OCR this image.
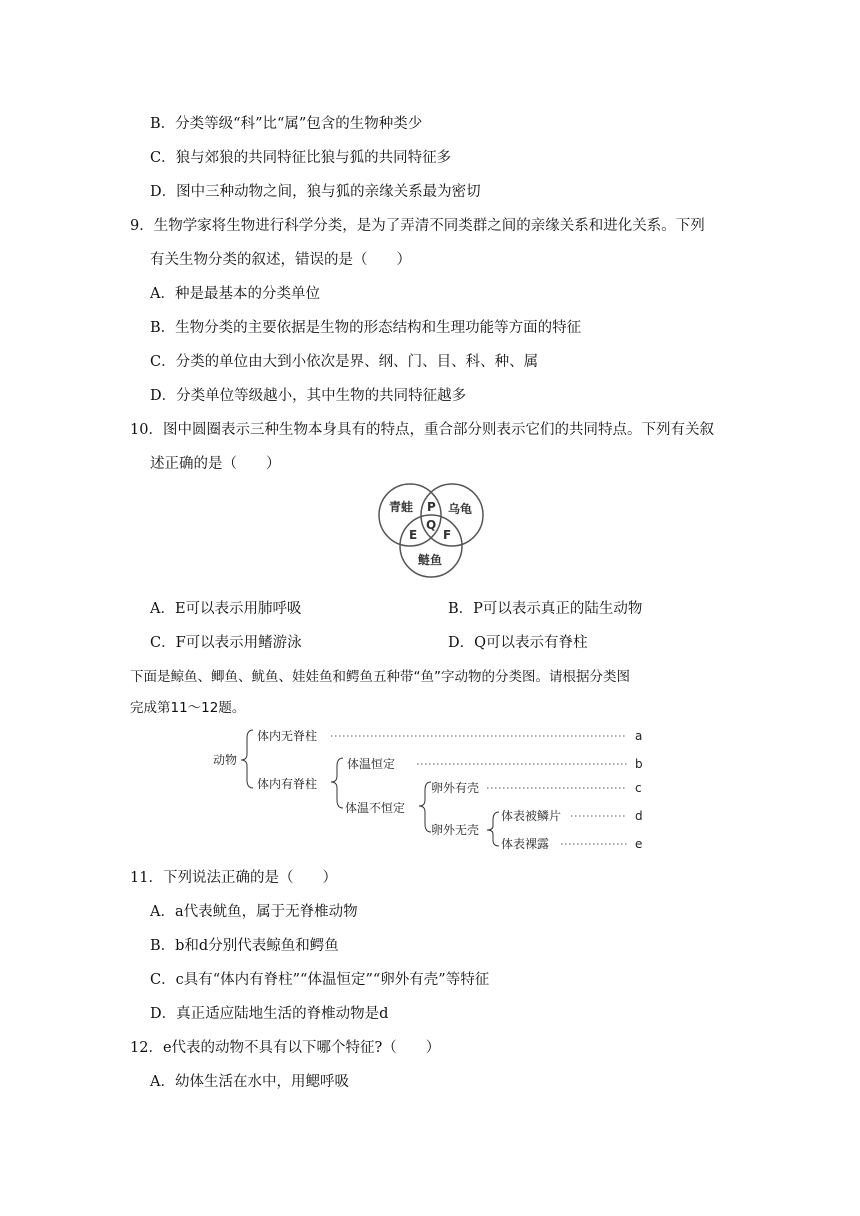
B．分类等级“科”比“属”包含的生物种类少
C．狼与郊狼的共同特征比狼与狐的共同特征多
D．图中三种动物之间，狼与狐的亲缘关系最为密切
9．生物学家将生物进行科学分类，是为了弄清不同类群之间的亲缘关系和进化关系。下列
有关生物分类的叙述，错误的是（　　）
A．种是最基本的分类单位
B．生物分类的主要依据是生物的形态结构和生理功能等方面的特征
C．分类的单位由大到小依次是界、纲、门、目、科、种、属
D．分类单位等级越小，其中生物的共同特征越多
10．图中圆圈表示三种生物本身具有的特点，重合部分则表示它们的共同特点。下列有关叙
述正确的是（　　）
青蛙	乌龟
鲢鱼
P
Q
E F
A．E可以表示用肺呼吸	B．P可以表示真正的陆生动物
C．F可以表示用鳍游泳	D．Q可以表示有脊柱
下面是鲸鱼、鲫鱼、鱿鱼、娃娃鱼和鳄鱼五种带“鱼”字动物的分类图。请根据分类图
完成第11～12题。
动物
体内无脊柱
体内有脊柱
体温恒定
体温不恒定
卵外有壳
卵外无壳
体表被鳞片
体表裸露
a
b
c
d
e
11．下列说法正确的是（　　）
A．a代表鱿鱼，属于无脊椎动物
B．b和d分别代表鲸鱼和鳄鱼
C．c具有“体内有脊柱”“体温恒定”“卵外有壳”等特征
D．真正适应陆地生活的脊椎动物是d
12．e代表的动物不具有以下哪个特征?（　　）
A．幼体生活在水中，用鳃呼吸
